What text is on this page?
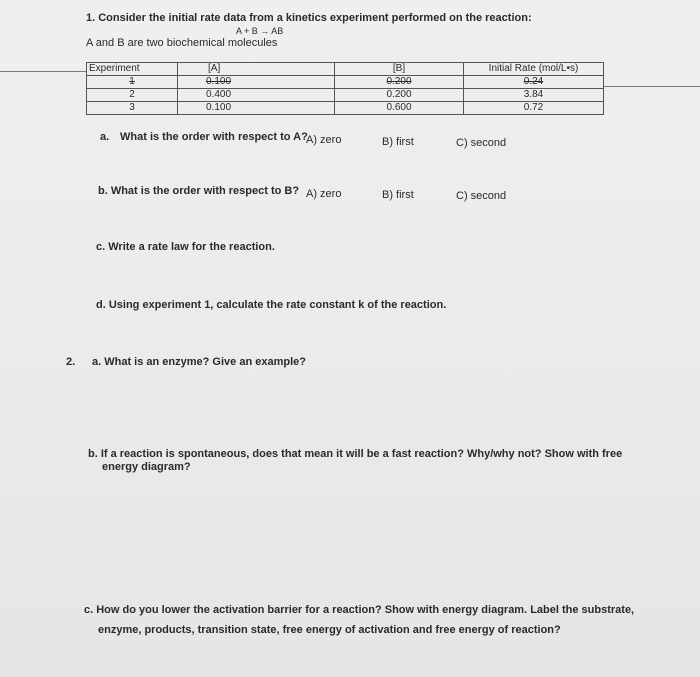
1. Consider the initial rate data from a kinetics experiment performed on the reaction:
A + B → AB
A and B are two biochemical molecules
Experiment	[A]	[B]	Initial Rate (mol/L•s)
1	0.100	0.200	0.24
2	0.400	0.200	3.84
3	0.100	0.600	0.72
a. What is the order with respect to A?
A) zero	B) first	C) second
b. What is the order with respect to B? A) zero	B) first	C) second
c. Write a rate law for the reaction.
d. Using experiment 1, calculate the rate constant k of the reaction.
2. a. What is an enzyme? Give an example?
b. If a reaction is spontaneous, does that mean it will be a fast reaction? Why/why not? Show with free
energy diagram?
c. How do you lower the activation barrier for a reaction? Show with energy diagram. Label the substrate,
enzyme, products, transition state, free energy of activation and free energy of reaction?
